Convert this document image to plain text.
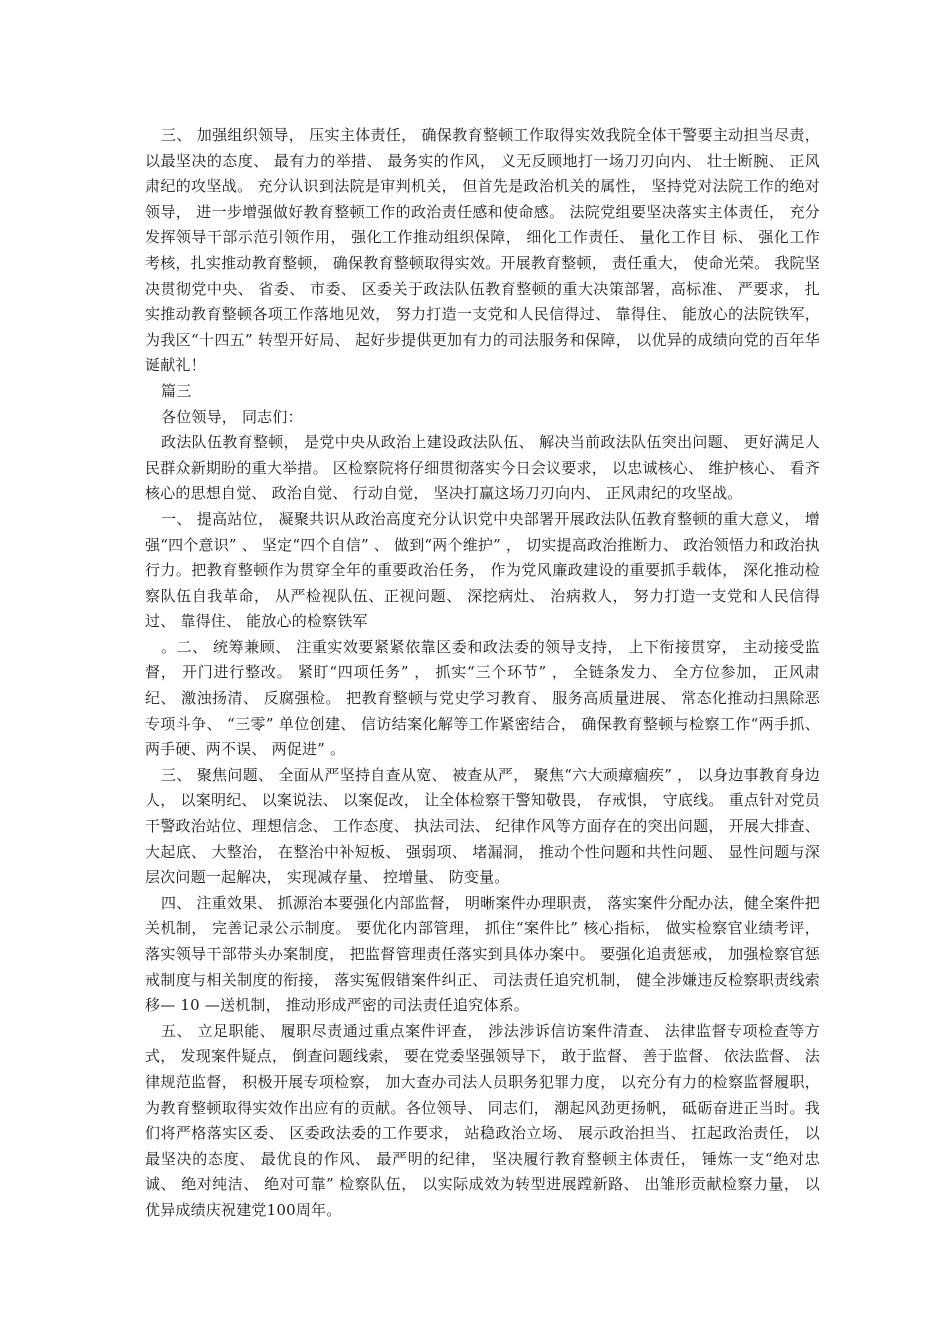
三、 加强组织领导， 压实主体责任， 确保教育整顿工作取得实效我院全体干警要主动担当尽责， 以最坚决的态度、 最有力的举措、 最务实的作风， 义无反顾地打一场刀刃向内、 壮士断腕、 正风肃纪的攻坚战。 充分认识到法院是审判机关， 但首先是政治机关的属性， 坚持党对法院工作的绝对领导， 进一步增强做好教育整顿工作的政治责任感和使命感。 法院党组要坚决落实主体责任， 充分发挥领导干部示范引领作用， 强化工作推动组织保障， 细化工作责任、 量化工作目 标、 强化工作考核，扎实推动教育整顿， 确保教育整顿取得实效。开展教育整顿， 责任重大， 使命光荣。 我院坚决贯彻党中央、 省委、 市委、 区委关于政法队伍教育整顿的重大决策部署，高标准、 严要求， 扎实推动教育整顿各项工作落地见效， 努力打造一支党和人民信得过、 靠得住、 能放心的法院铁军， 为我区“十四五” 转型开好局、 起好步提供更加有力的司法服务和保障， 以优异的成绩向党的百年华诞献礼！

篇三

各位领导， 同志们：

政法队伍教育整顿， 是党中央从政治上建设政法队伍、 解决当前政法队伍突出问题、 更好满足人民群众新期盼的重大举措。 区检察院将仔细贯彻落实今日会议要求， 以忠诚核心、 维护核心、 看齐核心的思想自觉、 政治自觉、 行动自觉， 坚决打赢这场刀刃向内、 正风肃纪的攻坚战。

一、 提高站位， 凝聚共识从政治高度充分认识党中央部署开展政法队伍教育整顿的重大意义， 增强“四个意识” 、 坚定“四个自信” 、 做到“两个维护” ， 切实提高政治推断力、 政治领悟力和政治执行力。把教育整顿作为贯穿全年的重要政治任务， 作为党风廉政建设的重要抓手载体， 深化推动检察队伍自我革命， 从严检视队伍、正视问题、 深挖病灶、 治病救人， 努力打造一支党和人民信得过、 靠得住、 能放心的检察铁军

。二、 统筹兼顾、 注重实效要紧紧依靠区委和政法委的领导支持， 上下衔接贯穿， 主动接受监督， 开门进行整改。 紧盯“四项任务” ， 抓实“三个环节” ， 全链条发力、 全方位参加， 正风肃纪、 激浊扬清、 反腐强检。 把教育整顿与党史学习教育、 服务高质量进展、 常态化推动扫黑除恶专项斗争、 “三零” 单位创建、 信访结案化解等工作紧密结合， 确保教育整顿与检察工作“两手抓、 两手硬、两不误、 两促进” 。

三、 聚焦问题、 全面从严坚持自查从宽、 被查从严， 聚焦“六大顽瘴痼疾” ， 以身边事教育身边人， 以案明纪、 以案说法、 以案促改， 让全体检察干警知敬畏， 存戒惧， 守底线。 重点针对党员干警政治站位、理想信念、 工作态度、 执法司法、 纪律作风等方面存在的突出问题， 开展大排查、 大起底、 大整治， 在整治中补短板、 强弱项、 堵漏洞， 推动个性问题和共性问题、 显性问题与深层次问题一起解决， 实现减存量、 控增量、 防变量。

四、 注重效果、 抓源治本要强化内部监督， 明晰案件办理职责， 落实案件分配办法，健全案件把关机制， 完善记录公示制度。 要优化内部管理， 抓住“案件比” 核心指标， 做实检察官业绩考评， 落实领导干部带头办案制度， 把监督管理责任落实到具体办案中。 要强化追责惩戒， 加强检察官惩戒制度与相关制度的衔接， 落实冤假错案件纠正、 司法责任追究机制， 健全涉嫌违反检察职责线索移— 10 —送机制， 推动形成严密的司法责任追究体系。

五、 立足职能、 履职尽责通过重点案件评查， 涉法涉诉信访案件清查、 法律监督专项检查等方式， 发现案件疑点， 倒查问题线索， 要在党委坚强领导下， 敢于监督、 善于监督、 依法监督、 法律规范监督， 积极开展专项检察， 加大查办司法人员职务犯罪力度， 以充分有力的检察监督履职， 为教育整顿取得实效作出应有的贡献。各位领导、 同志们， 潮起风劲更扬帆， 砥砺奋进正当时。我们将严格落实区委、 区委政法委的工作要求， 站稳政治立场、 展示政治担当、 扛起政治责任， 以最坚决的态度、 最优良的作风、 最严明的纪律， 坚决履行教育整顿主体责任， 锤炼一支“绝对忠诚、 绝对纯洁、 绝对可靠” 检察队伍， 以实际成效为转型进展蹚新路、 出雏形贡献检察力量， 以优异成绩庆祝建党100周年。
